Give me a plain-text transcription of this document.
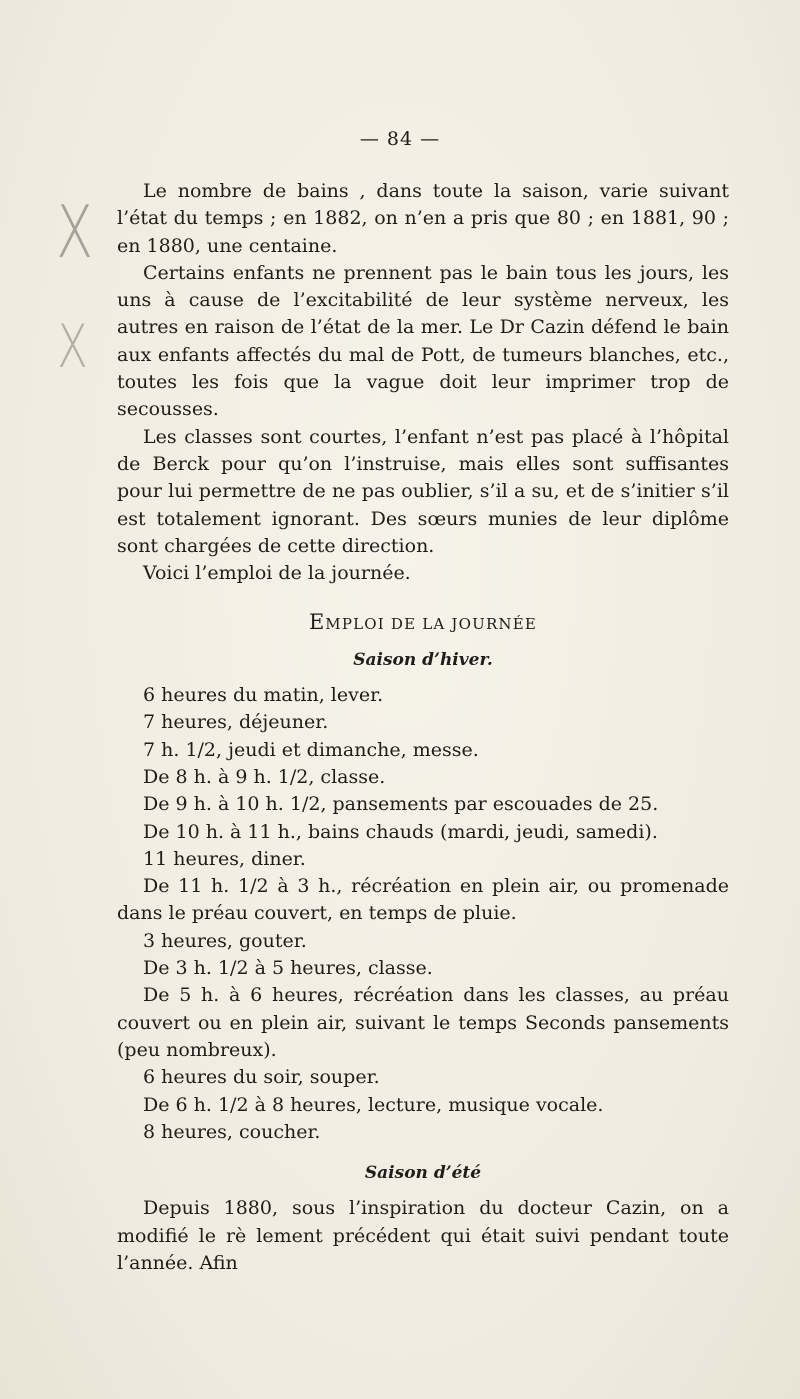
X
X
— 84 —

Le nombre de bains , dans toute la saison, varie suivant l’état du temps ; en 1882, on n’en a pris que 80 ; en 1881, 90 ; en 1880, une centaine.

Certains enfants ne prennent pas le bain tous les jours, les uns à cause de l’excitabilité de leur système nerveux, les autres en raison de l’état de la mer. Le Dr Cazin défend le bain aux enfants affectés du mal de Pott, de tumeurs blanches, etc., toutes les fois que la vague doit leur imprimer trop de secousses.

Les classes sont courtes, l’enfant n’est pas placé à l’hôpital de Berck pour qu’on l’instruise, mais elles sont suffisantes pour lui permettre de ne pas oublier, s’il a su, et de s’initier s’il est totalement ignorant. Des sœurs munies de leur diplôme sont chargées de cette direction.

Voici l’emploi de la journée.

EMPLOI DE LA JOURNÉE
Saison d’hiver.

6 heures du matin, lever.

7 heures, déjeuner.

7 h. 1/2, jeudi et dimanche, messe.

De 8 h. à 9 h. 1/2, classe.

De 9 h. à 10 h. 1/2, pansements par escouades de 25.

De 10 h. à 11 h., bains chauds (mardi, jeudi, samedi).

11 heures, diner.

De 11 h. 1/2 à 3 h., récréation en plein air, ou promenade dans le préau couvert, en temps de pluie.

3 heures, gouter.

De 3 h. 1/2 à 5 heures, classe.

De 5 h. à 6 heures, récréation dans les classes, au préau couvert ou en plein air, suivant le temps Seconds pansements (peu nombreux).

6 heures du soir, souper.

De 6 h. 1/2 à 8 heures, lecture, musique vocale.

8 heures, coucher.

Saison d’été

Depuis 1880, sous l’inspiration du docteur Cazin, on a modifié le rè lement précédent qui était suivi pendant toute l’année. Afin
